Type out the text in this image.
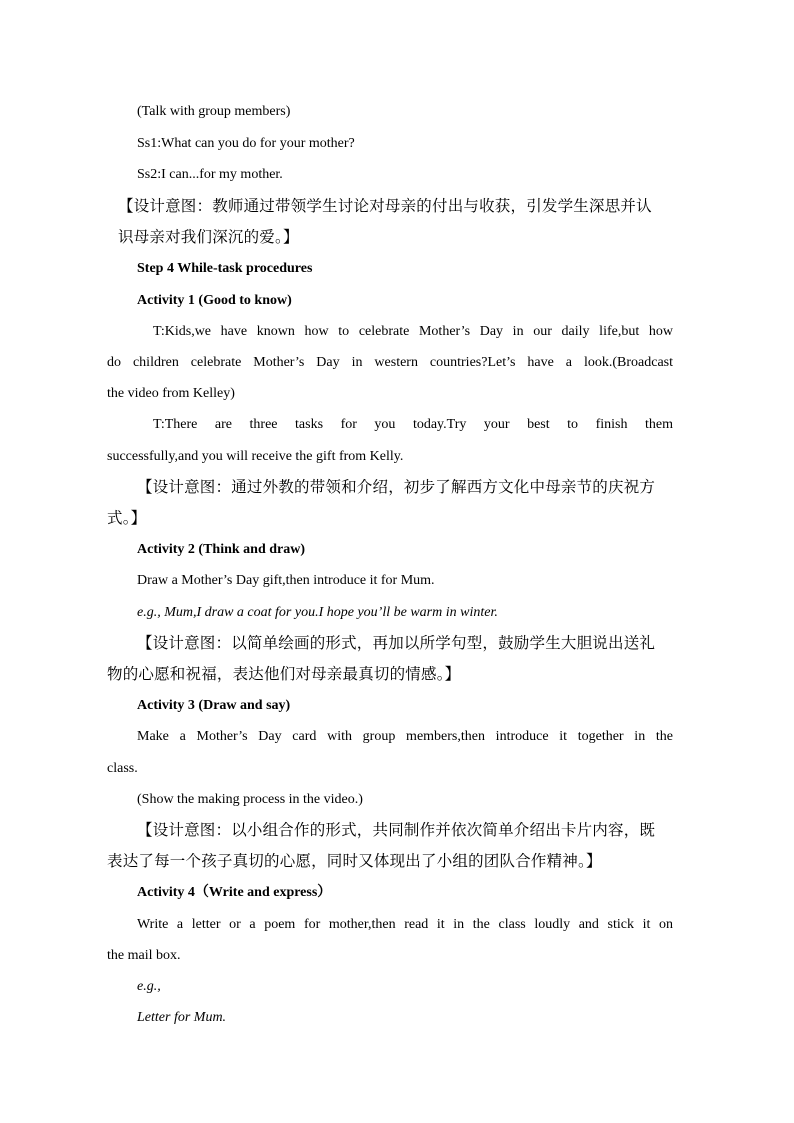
(Talk with group members)
Ss1:What can you do for your mother?
Ss2:I can...for my mother.
【设计意图：教师通过带领学生讨论对母亲的付出与收获，引发学生深思并认
识母亲对我们深沉的爱。】
Step 4 While-task procedures
Activity 1 (Good to know)
T:Kids,we have known how to celebrate Mother’s Day in our daily life,but how
do children celebrate Mother’s Day in western countries?Let’s have a look.(Broadcast
the video from Kelley)
T:There are three tasks for you today.Try your best to finish them
successfully,and you will receive the gift from Kelly.
【设计意图：通过外教的带领和介绍，初步了解西方文化中母亲节的庆祝方
式。】
Activity 2 (Think and draw)
Draw a Mother’s Day gift,then introduce it for Mum.
e.g., Mum,I draw a coat for you.I hope you’ll be warm in winter.
【设计意图：以简单绘画的形式，再加以所学句型，鼓励学生大胆说出送礼
物的心愿和祝福，表达他们对母亲最真切的情感。】
Activity 3 (Draw and say)
Make a Mother’s Day card with group members,then introduce it together in the
class.
(Show the making process in the video.)
【设计意图：以小组合作的形式，共同制作并依次简单介绍出卡片内容，既
表达了每一个孩子真切的心愿，同时又体现出了小组的团队合作精神。】
Activity 4（Write and express）
Write a letter or a poem for mother,then read it in the class loudly and stick it on
the mail box.
e.g.,
Letter for Mum.
